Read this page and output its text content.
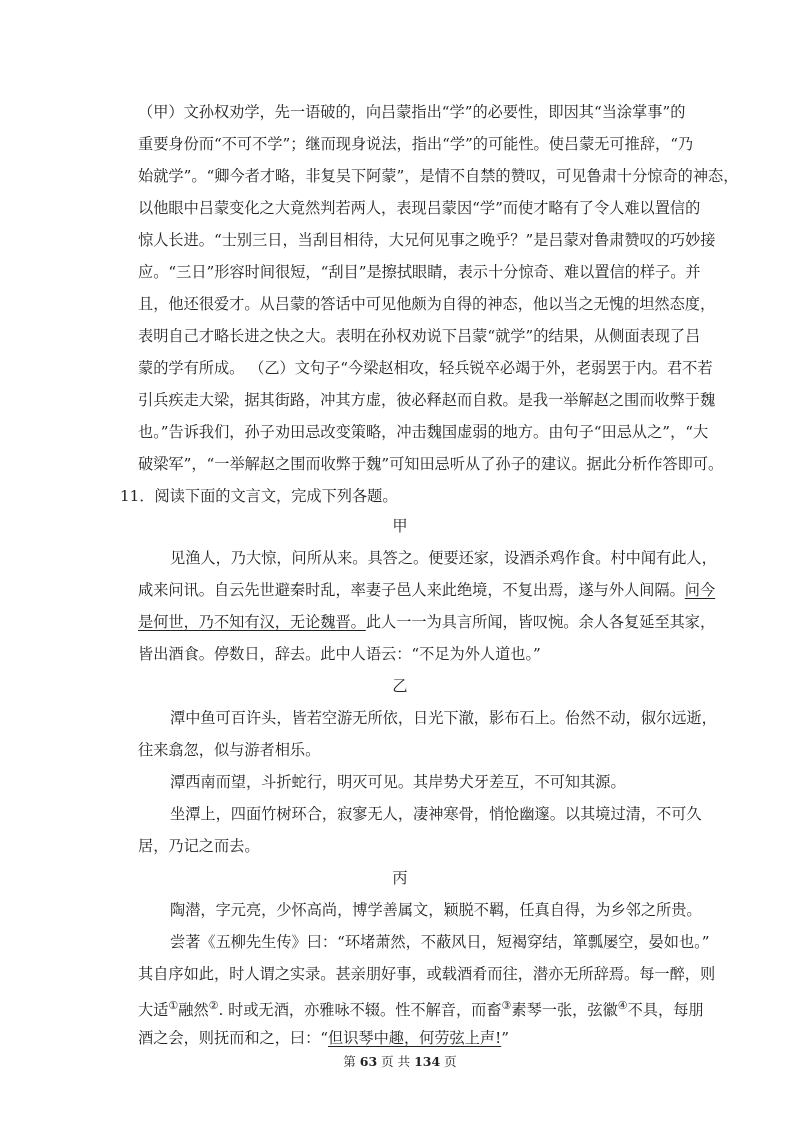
（甲）文孙权劝学，先一语破的，向吕蒙指出“学”的必要性，即因其“当涂掌事”的
重要身份而“不可不学”；继而现身说法，指出“学”的可能性。使吕蒙无可推辞，“乃
始就学”。“卿今者才略，非复吴下阿蒙”，是情不自禁的赞叹，可见鲁肃十分惊奇的神态，
以他眼中吕蒙变化之大竟然判若两人，表现吕蒙因“学”而使才略有了令人难以置信的
惊人长进。“士别三日，当刮目相待，大兄何见事之晚乎？”是吕蒙对鲁肃赞叹的巧妙接
应。“三日”形容时间很短，“刮目”是擦拭眼睛，表示十分惊奇、难以置信的样子。并
且，他还很爱才。从吕蒙的答话中可见他颇为自得的神态，他以当之无愧的坦然态度，
表明自己才略长进之快之大。表明在孙权劝说下吕蒙“就学”的结果，从侧面表现了吕
蒙的学有所成。 （乙）文句子“今梁赵相攻，轻兵锐卒必竭于外，老弱罢于内。君不若
引兵疾走大梁，据其街路，冲其方虚，彼必释赵而自救。是我一举解赵之围而收弊于魏
也。”告诉我们，孙子劝田忌改变策略，冲击魏国虚弱的地方。由句子“田忌从之”，“大
破梁军”，“一举解赵之围而收弊于魏”可知田忌听从了孙子的建议。据此分析作答即可。
11．阅读下面的文言文，完成下列各题。
甲
见渔人，乃大惊，问所从来。具答之。便要还家，设酒杀鸡作食。村中闻有此人，
咸来问讯。自云先世避秦时乱，率妻子邑人来此绝境，不复出焉，遂与外人间隔。问今
是何世，乃不知有汉，无论魏晋。此人一一为具言所闻，皆叹惋。余人各复延至其家，
皆出酒食。停数日，辞去。此中人语云：“不足为外人道也。”
乙
潭中鱼可百许头，皆若空游无所依，日光下澈，影布石上。佁然不动，俶尔远逝，
往来翕忽，似与游者相乐。
潭西南而望，斗折蛇行，明灭可见。其岸势犬牙差互，不可知其源。
坐潭上，四面竹树环合，寂寥无人，凄神寒骨，悄怆幽邃。以其境过清，不可久
居，乃记之而去。
丙
陶潜，字元亮，少怀高尚，博学善属文，颖脱不羁，任真自得，为乡邻之所贵。
尝著《五柳先生传》曰：“环堵萧然，不蔽风日，短褐穿结，箪瓢屡空，晏如也。”
其自序如此，时人谓之实录。甚亲朋好事，或载酒肴而往，潜亦无所辞焉。每一醉，则
大适①融然②. 时或无酒，亦雅咏不辍。性不解音，而畜③素琴一张，弦徽④不具，每朋
酒之会，则抚而和之，曰：“但识琴中趣，何劳弦上声!”
第 63 页 共 134 页
